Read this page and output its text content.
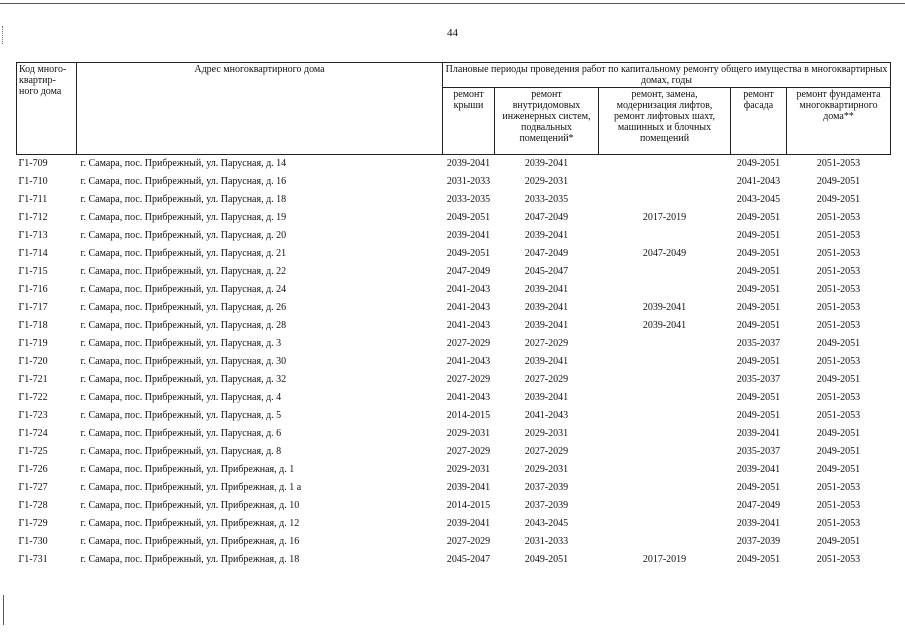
44
Код много-квартир-ного дома	Адрес многоквартирного дома	Плановые периоды проведения работ по капитальному ремонту общего имущества в многоквартирных домах, годы				
		ремонт крыши	ремонт внутридомовых инженерных систем, подвальных помещений*	ремонт, замена, модернизация лифтов, ремонт лифтовых шахт, машинных и блочных помещений	ремонт фасада	ремонт фундамента многоквартирного дома**
Г1-709	г. Самара, пос. Прибрежный, ул. Парусная, д. 14	2039-2041	2039-2041		2049-2051	2051-2053
Г1-710	г. Самара, пос. Прибрежный, ул. Парусная, д. 16	2031-2033	2029-2031		2041-2043	2049-2051
Г1-711	г. Самара, пос. Прибрежный, ул. Парусная, д. 18	2033-2035	2033-2035		2043-2045	2049-2051
Г1-712	г. Самара, пос. Прибрежный, ул. Парусная, д. 19	2049-2051	2047-2049	2017-2019	2049-2051	2051-2053
Г1-713	г. Самара, пос. Прибрежный, ул. Парусная, д. 20	2039-2041	2039-2041		2049-2051	2051-2053
Г1-714	г. Самара, пос. Прибрежный, ул. Парусная, д. 21	2049-2051	2047-2049	2047-2049	2049-2051	2051-2053
Г1-715	г. Самара, пос. Прибрежный, ул. Парусная, д. 22	2047-2049	2045-2047		2049-2051	2051-2053
Г1-716	г. Самара, пос. Прибрежный, ул. Парусная, д. 24	2041-2043	2039-2041		2049-2051	2051-2053
Г1-717	г. Самара, пос. Прибрежный, ул. Парусная, д. 26	2041-2043	2039-2041	2039-2041	2049-2051	2051-2053
Г1-718	г. Самара, пос. Прибрежный, ул. Парусная, д. 28	2041-2043	2039-2041	2039-2041	2049-2051	2051-2053
Г1-719	г. Самара, пос. Прибрежный, ул. Парусная, д. 3	2027-2029	2027-2029		2035-2037	2049-2051
Г1-720	г. Самара, пос. Прибрежный, ул. Парусная, д. 30	2041-2043	2039-2041		2049-2051	2051-2053
Г1-721	г. Самара, пос. Прибрежный, ул. Парусная, д. 32	2027-2029	2027-2029		2035-2037	2049-2051
Г1-722	г. Самара, пос. Прибрежный, ул. Парусная, д. 4	2041-2043	2039-2041		2049-2051	2051-2053
Г1-723	г. Самара, пос. Прибрежный, ул. Парусная, д. 5	2014-2015	2041-2043		2049-2051	2051-2053
Г1-724	г. Самара, пос. Прибрежный, ул. Парусная, д. 6	2029-2031	2029-2031		2039-2041	2049-2051
Г1-725	г. Самара, пос. Прибрежный, ул. Парусная, д. 8	2027-2029	2027-2029		2035-2037	2049-2051
Г1-726	г. Самара, пос. Прибрежный, ул. Прибрежная, д. 1	2029-2031	2029-2031		2039-2041	2049-2051
Г1-727	г. Самара, пос. Прибрежный, ул. Прибрежная, д. 1 а	2039-2041	2037-2039		2049-2051	2051-2053
Г1-728	г. Самара, пос. Прибрежный, ул. Прибрежная, д. 10	2014-2015	2037-2039		2047-2049	2051-2053
Г1-729	г. Самара, пос. Прибрежный, ул. Прибрежная, д. 12	2039-2041	2043-2045		2039-2041	2051-2053
Г1-730	г. Самара, пос. Прибрежный, ул. Прибрежная, д. 16	2027-2029	2031-2033		2037-2039	2049-2051
Г1-731	г. Самара, пос. Прибрежный, ул. Прибрежная, д. 18	2045-2047	2049-2051	2017-2019	2049-2051	2051-2053
